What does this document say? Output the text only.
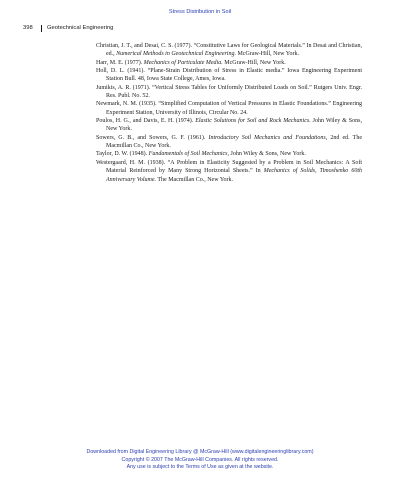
Stress Distribution in Soil
398 Geotechnical Engineering
Christian, J. T., and Desai, C. S. (1977). “Constitutive Laws for Geological Materials.” In Desai and Christian, ed., Numerical Methods in Geotechnical Engineering. McGraw-Hill, New York.
Harr, M. E. (1977). Mechanics of Particulate Media. McGraw-Hill, New York.
Holl, D. L. (1941). “Plane-Strain Distribution of Stress in Elastic media.” Iowa Engineering Experiment Station Bull. 48, Iowa State College, Ames, Iowa.
Jumikis, A. R. (1971). “Vertical Stress Tables for Uniformly Distributed Loads on Soil.” Rutgers Univ. Engr. Res. Publ. No. 52.
Newmark, N. M. (1935). “Simplified Computation of Vertical Pressures in Elastic Foundations.” Engineering Experiment Station, University of Illinois, Circular No. 24.
Poulos, H. G., and Davis, E. H. (1974). Elastic Solutions for Soil and Rock Mechanics. John Wiley & Sons, New York.
Sowers, G. B., and Sowers, G. F. (1961). Introductory Soil Mechanics and Foundations, 2nd ed. The Macmillan Co., New York.
Taylor, D. W. (1948). Fundamentals of Soil Mechanics, John Wiley & Sons, New York.
Westergaard, H. M. (1938). “A Problem in Elasticity Suggested by a Problem in Soil Mechanics: A Soft Material Reinforced by Many Strong Horizontal Sheets.” In Mechanics of Solids, Timoshenko 60th Anniversary Volume. The Macmillan Co., New York.
Downloaded from Digital Engineering Library @ McGraw-Hill (www.digitalengineeringlibrary.com)
Copyright © 2007 The McGraw-Hill Companies. All rights reserved.
Any use is subject to the Terms of Use as given at the website.
